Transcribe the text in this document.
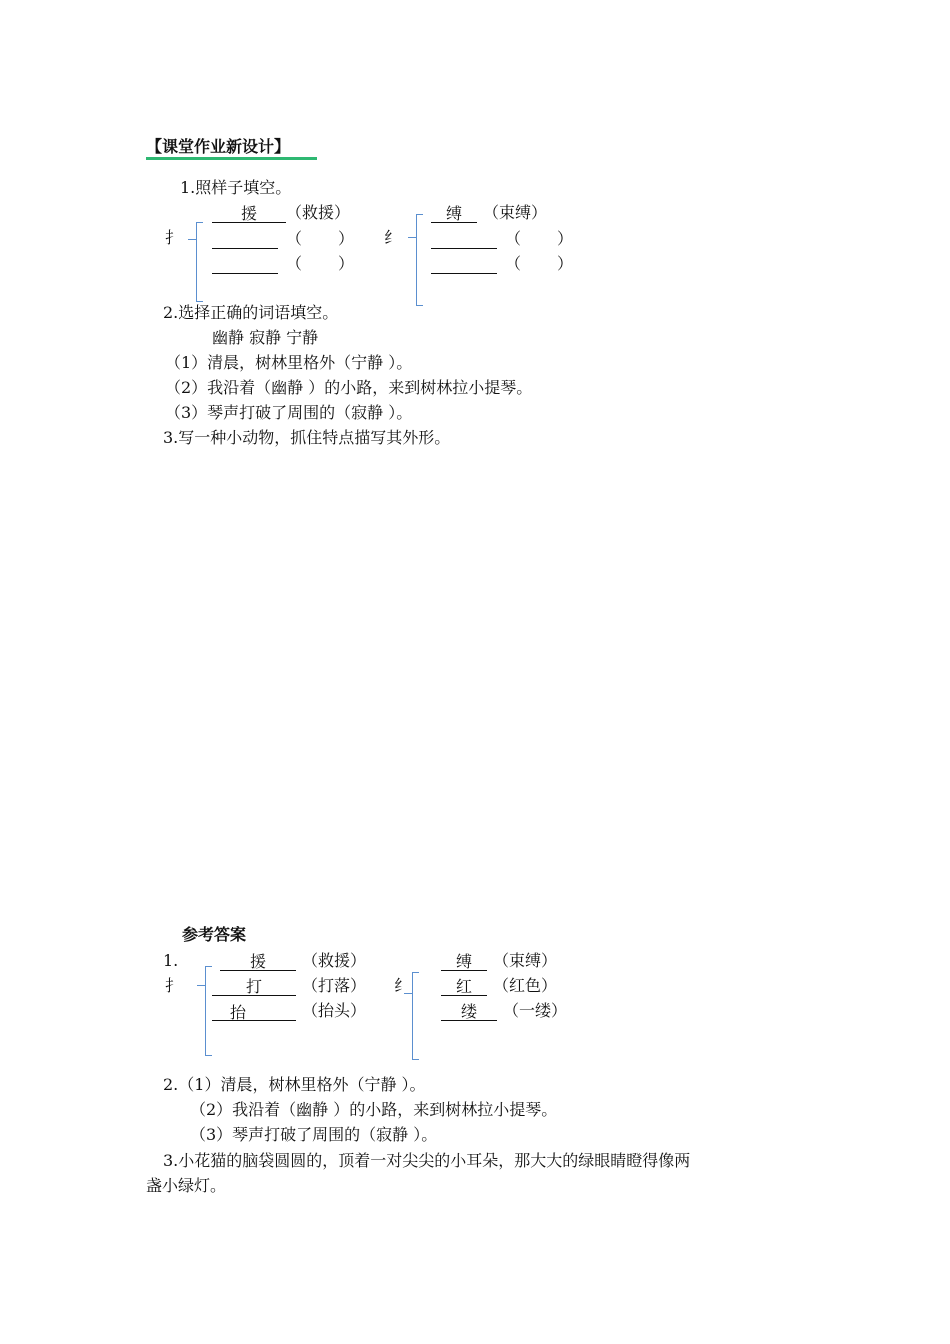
【课堂作业新设计】
1.照样子填空。
援 （救援）
（ ）
（ ）
扌
缚 （束缚）
（ ）
（ ）
纟
2.选择正确的词语填空。
幽静 寂静 宁静
（1）清晨，树林里格外（宁静 ）。
（2）我沿着（幽静 ）的小路，来到树林拉小提琴。
（3）琴声打破了周围的（寂静 ）。
3.写一种小动物，抓住特点描写其外形。
参考答案
1.
扌
援 （救援）
打	（打落）
抬	（抬头）
纟
缚 （束缚）
红 （红色）
缕 （一缕）
2.（1）清晨，树林里格外（宁静 ）。
（2）我沿着（幽静 ）的小路，来到树林拉小提琴。
（3）琴声打破了周围的（寂静 ）。
3.小花猫的脑袋圆圆的，顶着一对尖尖的小耳朵，那大大的绿眼睛瞪得像两
盏小绿灯。
